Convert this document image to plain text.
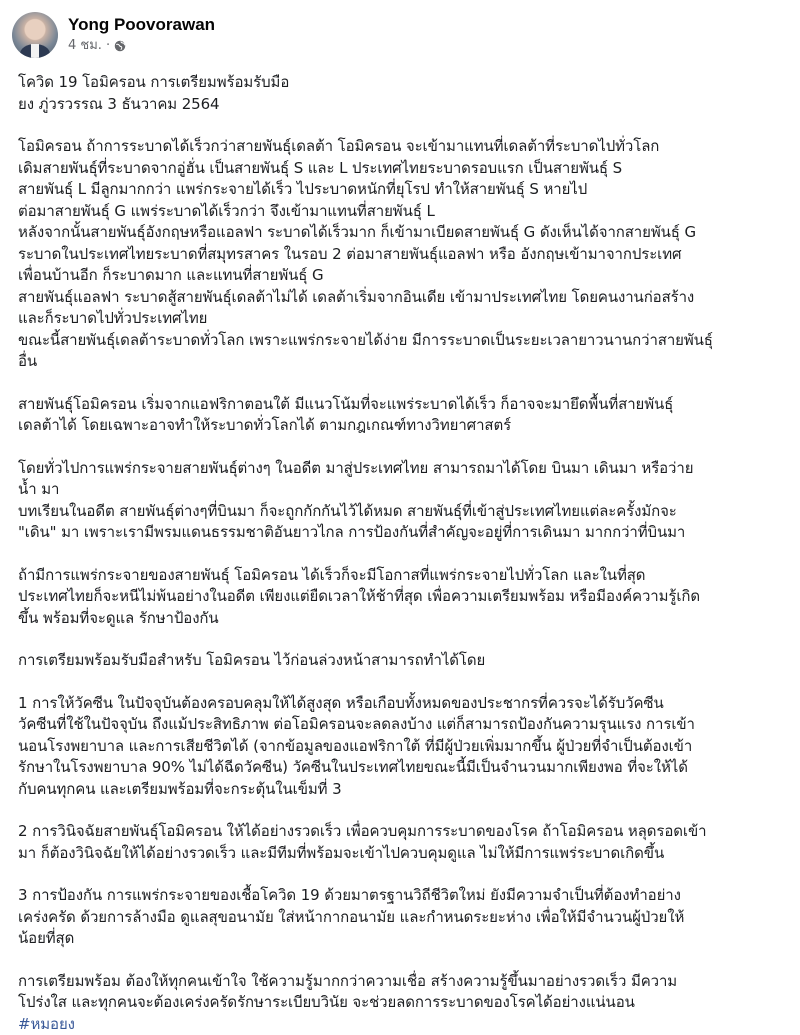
Yong Poovorawan
4 ชม. ·
โควิด 19 โอมิครอน การเตรียมพร้อมรับมือ
ยง ภู่วรวรรณ 3 ธันวาคม 2564
โอมิครอน ถ้าการระบาดได้เร็วกว่าสายพันธุ์เดลต้า โอมิครอน จะเข้ามาแทนที่เดลต้าที่ระบาดไปทั่วโลก
เดิมสายพันธุ์ที่ระบาดจากอู่ฮั่น เป็นสายพันธุ์ S และ L ประเทศไทยระบาดรอบแรก เป็นสายพันธุ์ S
สายพันธุ์ L มีลูกมากกว่า แพร่กระจายได้เร็ว ไประบาดหนักที่ยุโรป ทำให้สายพันธุ์ S หายไป
ต่อมาสายพันธุ์ G แพร่ระบาดได้เร็วกว่า จึงเข้ามาแทนที่สายพันธุ์ L
หลังจากนั้นสายพันธุ์อังกฤษหรือแอลฟา ระบาดได้เร็วมาก ก็เข้ามาเบียดสายพันธุ์ G ดังเห็นได้จากสายพันธุ์ G
ระบาดในประเทศไทยระบาดที่สมุทรสาคร ในรอบ 2 ต่อมาสายพันธุ์แอลฟา หรือ อังกฤษเข้ามาจากประเทศ
เพื่อนบ้านอีก ก็ระบาดมาก และแทนที่สายพันธุ์ G
สายพันธุ์แอลฟา ระบาดสู้สายพันธุ์เดลต้าไม่ได้ เดลต้าเริ่มจากอินเดีย เข้ามาประเทศไทย โดยคนงานก่อสร้าง
และก็ระบาดไปทั่วประเทศไทย
ขณะนี้สายพันธุ์เดลต้าระบาดทั่วโลก เพราะแพร่กระจายได้ง่าย มีการระบาดเป็นระยะเวลายาวนานกว่าสายพันธุ์
อื่น
สายพันธุ์โอมิครอน เริ่มจากแอฟริกาตอนใต้ มีแนวโน้มที่จะแพร่ระบาดได้เร็ว ก็อาจจะมายึดพื้นที่สายพันธุ์
เดลต้าได้ โดยเฉพาะอาจทำให้ระบาดทั่วโลกได้ ตามกฎเกณฑ์ทางวิทยาศาสตร์
โดยทั่วไปการแพร่กระจายสายพันธุ์ต่างๆ ในอดีต มาสู่ประเทศไทย สามารถมาได้โดย บินมา เดินมา หรือว่าย
น้ำ มา
บทเรียนในอดีต สายพันธุ์ต่างๆที่บินมา ก็จะถูกกักกันไว้ได้หมด สายพันธุ์ที่เข้าสู่ประเทศไทยแต่ละครั้งมักจะ
"เดิน" มา เพราะเรามีพรมแดนธรรมชาติอันยาวไกล การป้องกันที่สำคัญจะอยู่ที่การเดินมา มากกว่าที่บินมา
ถ้ามีการแพร่กระจายของสายพันธุ์ โอมิครอน ได้เร็วก็จะมีโอกาสที่แพร่กระจายไปทั่วโลก และในที่สุด
ประเทศไทยก็จะหนีไม่พ้นอย่างในอดีต เพียงแต่ยืดเวลาให้ช้าที่สุด เพื่อความเตรียมพร้อม หรือมีองค์ความรู้เกิด
ขึ้น พร้อมที่จะดูแล รักษาป้องกัน
การเตรียมพร้อมรับมือสำหรับ โอมิครอน ไว้ก่อนล่วงหน้าสามารถทำได้โดย
1 การให้วัคซีน ในปัจจุบันต้องครอบคลุมให้ได้สูงสุด หรือเกือบทั้งหมดของประชากรที่ควรจะได้รับวัคซีน
วัคซีนที่ใช้ในปัจจุบัน ถึงแม้ประสิทธิภาพ ต่อโอมิครอนจะลดลงบ้าง แต่ก็สามารถป้องกันความรุนแรง การเข้า
นอนโรงพยาบาล และการเสียชีวิตได้ (จากข้อมูลของแอฟริกาใต้ ที่มีผู้ป่วยเพิ่มมากขึ้น ผู้ป่วยที่จำเป็นต้องเข้า
รักษาในโรงพยาบาล 90% ไม่ได้ฉีดวัคซีน) วัคซีนในประเทศไทยขณะนี้มีเป็นจำนวนมากเพียงพอ ที่จะให้ได้
กับคนทุกคน และเตรียมพร้อมที่จะกระตุ้นในเข็มที่ 3
2 การวินิจฉัยสายพันธุ์โอมิครอน ให้ได้อย่างรวดเร็ว เพื่อควบคุมการระบาดของโรค ถ้าโอมิครอน หลุดรอดเข้า
มา ก็ต้องวินิจฉัยให้ได้อย่างรวดเร็ว และมีทีมที่พร้อมจะเข้าไปควบคุมดูแล ไม่ให้มีการแพร่ระบาดเกิดขึ้น
3 การป้องกัน การแพร่กระจายของเชื้อโควิด 19 ด้วยมาตรฐานวิถีชีวิตใหม่ ยังมีความจำเป็นที่ต้องทำอย่าง
เคร่งครัด ด้วยการล้างมือ ดูแลสุขอนามัย ใส่หน้ากากอนามัย และกำหนดระยะห่าง เพื่อให้มีจำนวนผู้ป่วยให้
น้อยที่สุด
การเตรียมพร้อม ต้องให้ทุกคนเข้าใจ ใช้ความรู้มากกว่าความเชื่อ สร้างความรู้ขึ้นมาอย่างรวดเร็ว มีความ
โปร่งใส และทุกคนจะต้องเคร่งครัดรักษาระเบียบวินัย จะช่วยลดการระบาดของโรคได้อย่างแน่นอน
#หมอยง
